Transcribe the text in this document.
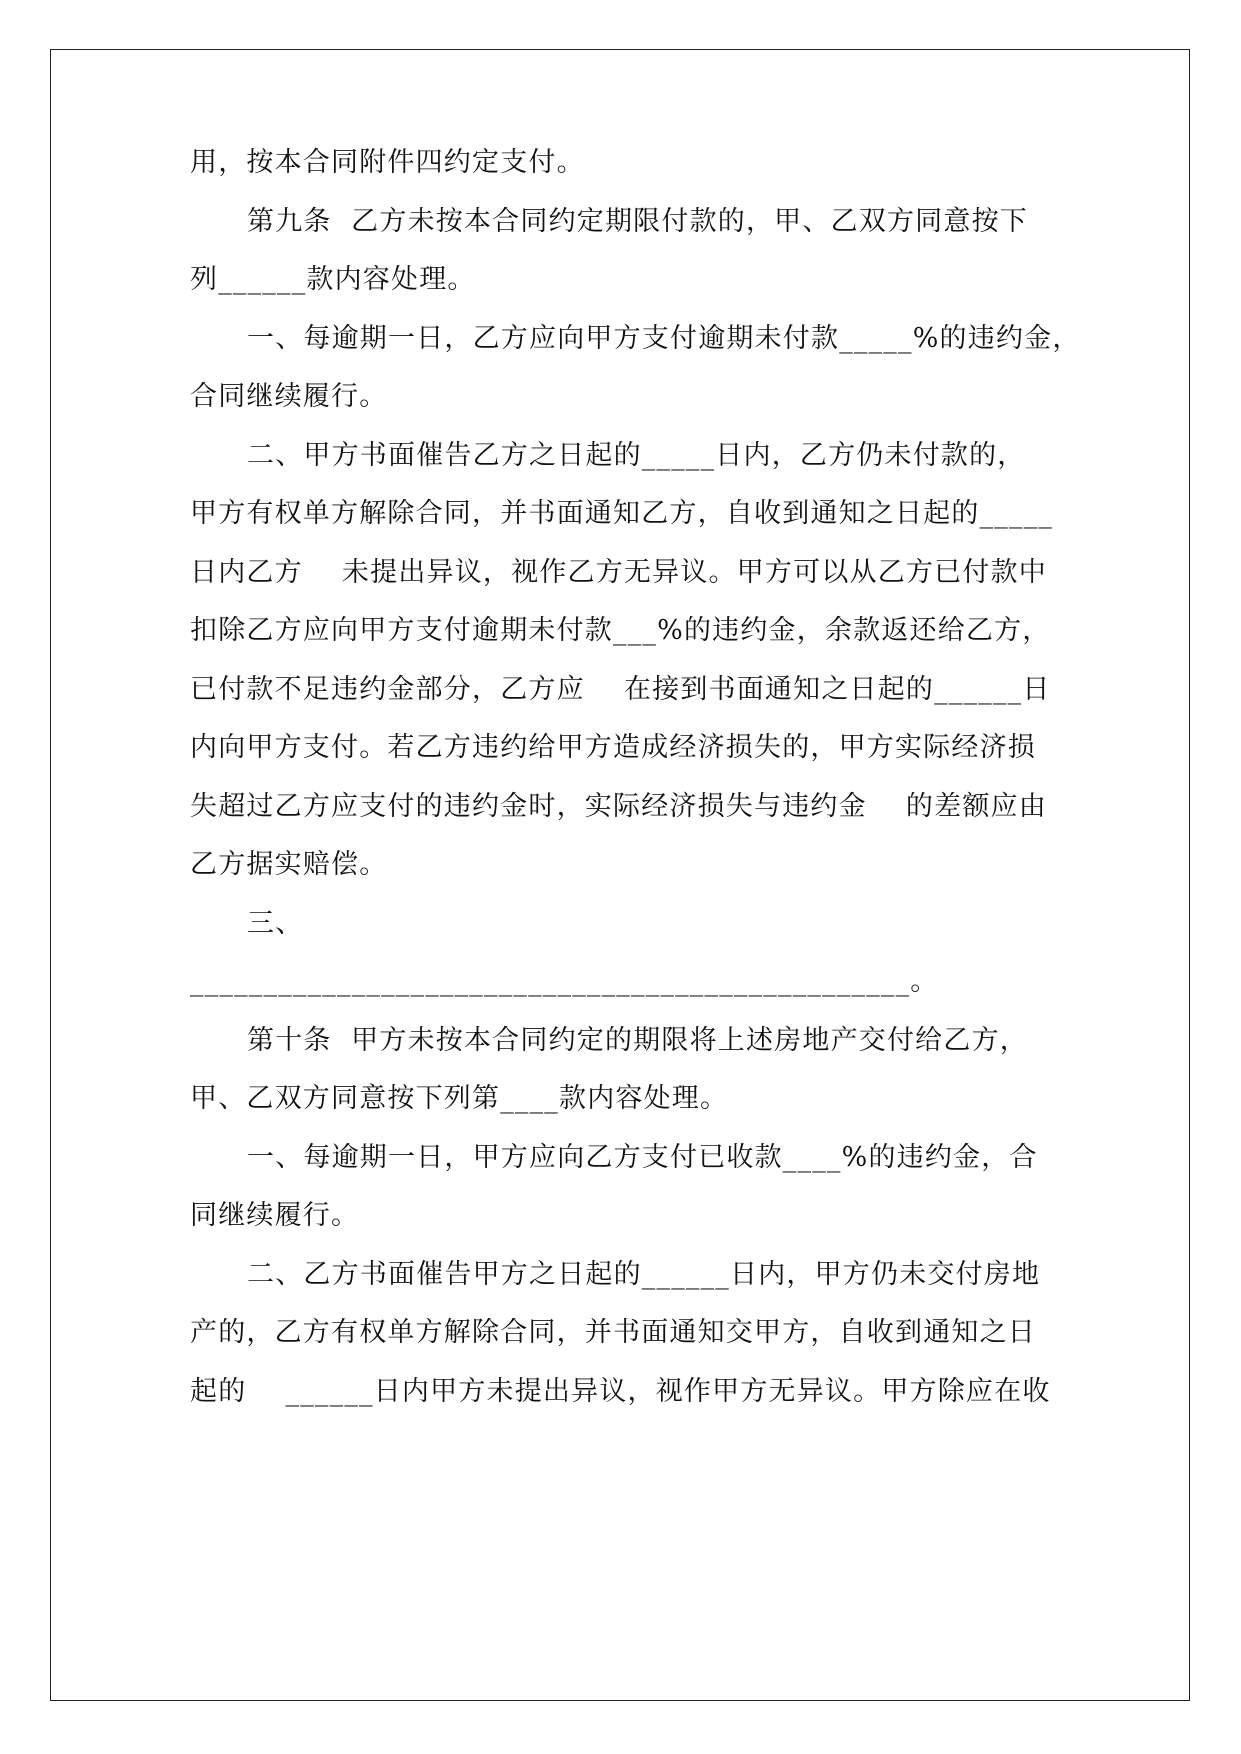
用，按本合同附件四约定支付。
第九条  乙方未按本合同约定期限付款的，甲、乙双方同意按下
列______款内容处理。
一、每逾期一日，乙方应向甲方支付逾期未付款_____%的违约金，
合同继续履行。
二、甲方书面催告乙方之日起的_____日内，乙方仍未付款的，
甲方有权单方解除合同，并书面通知乙方，自收到通知之日起的_____
日内乙方    未提出异议，视作乙方无异议。甲方可以从乙方已付款中
扣除乙方应向甲方支付逾期未付款___%的违约金，余款返还给乙方，
已付款不足违约金部分，乙方应    在接到书面通知之日起的______日
内向甲方支付。若乙方违约给甲方造成经济损失的，甲方实际经济损
失超过乙方应支付的违约金时，实际经济损失与违约金    的差额应由
乙方据实赔偿。
三、
_________________________________________________。
第十条  甲方未按本合同约定的期限将上述房地产交付给乙方，
甲、乙双方同意按下列第____款内容处理。
一、每逾期一日，甲方应向乙方支付已收款____%的违约金，合
同继续履行。
二、乙方书面催告甲方之日起的______日内，甲方仍未交付房地
产的，乙方有权单方解除合同，并书面通知交甲方，自收到通知之日
起的    ______日内甲方未提出异议，视作甲方无异议。甲方除应在收
